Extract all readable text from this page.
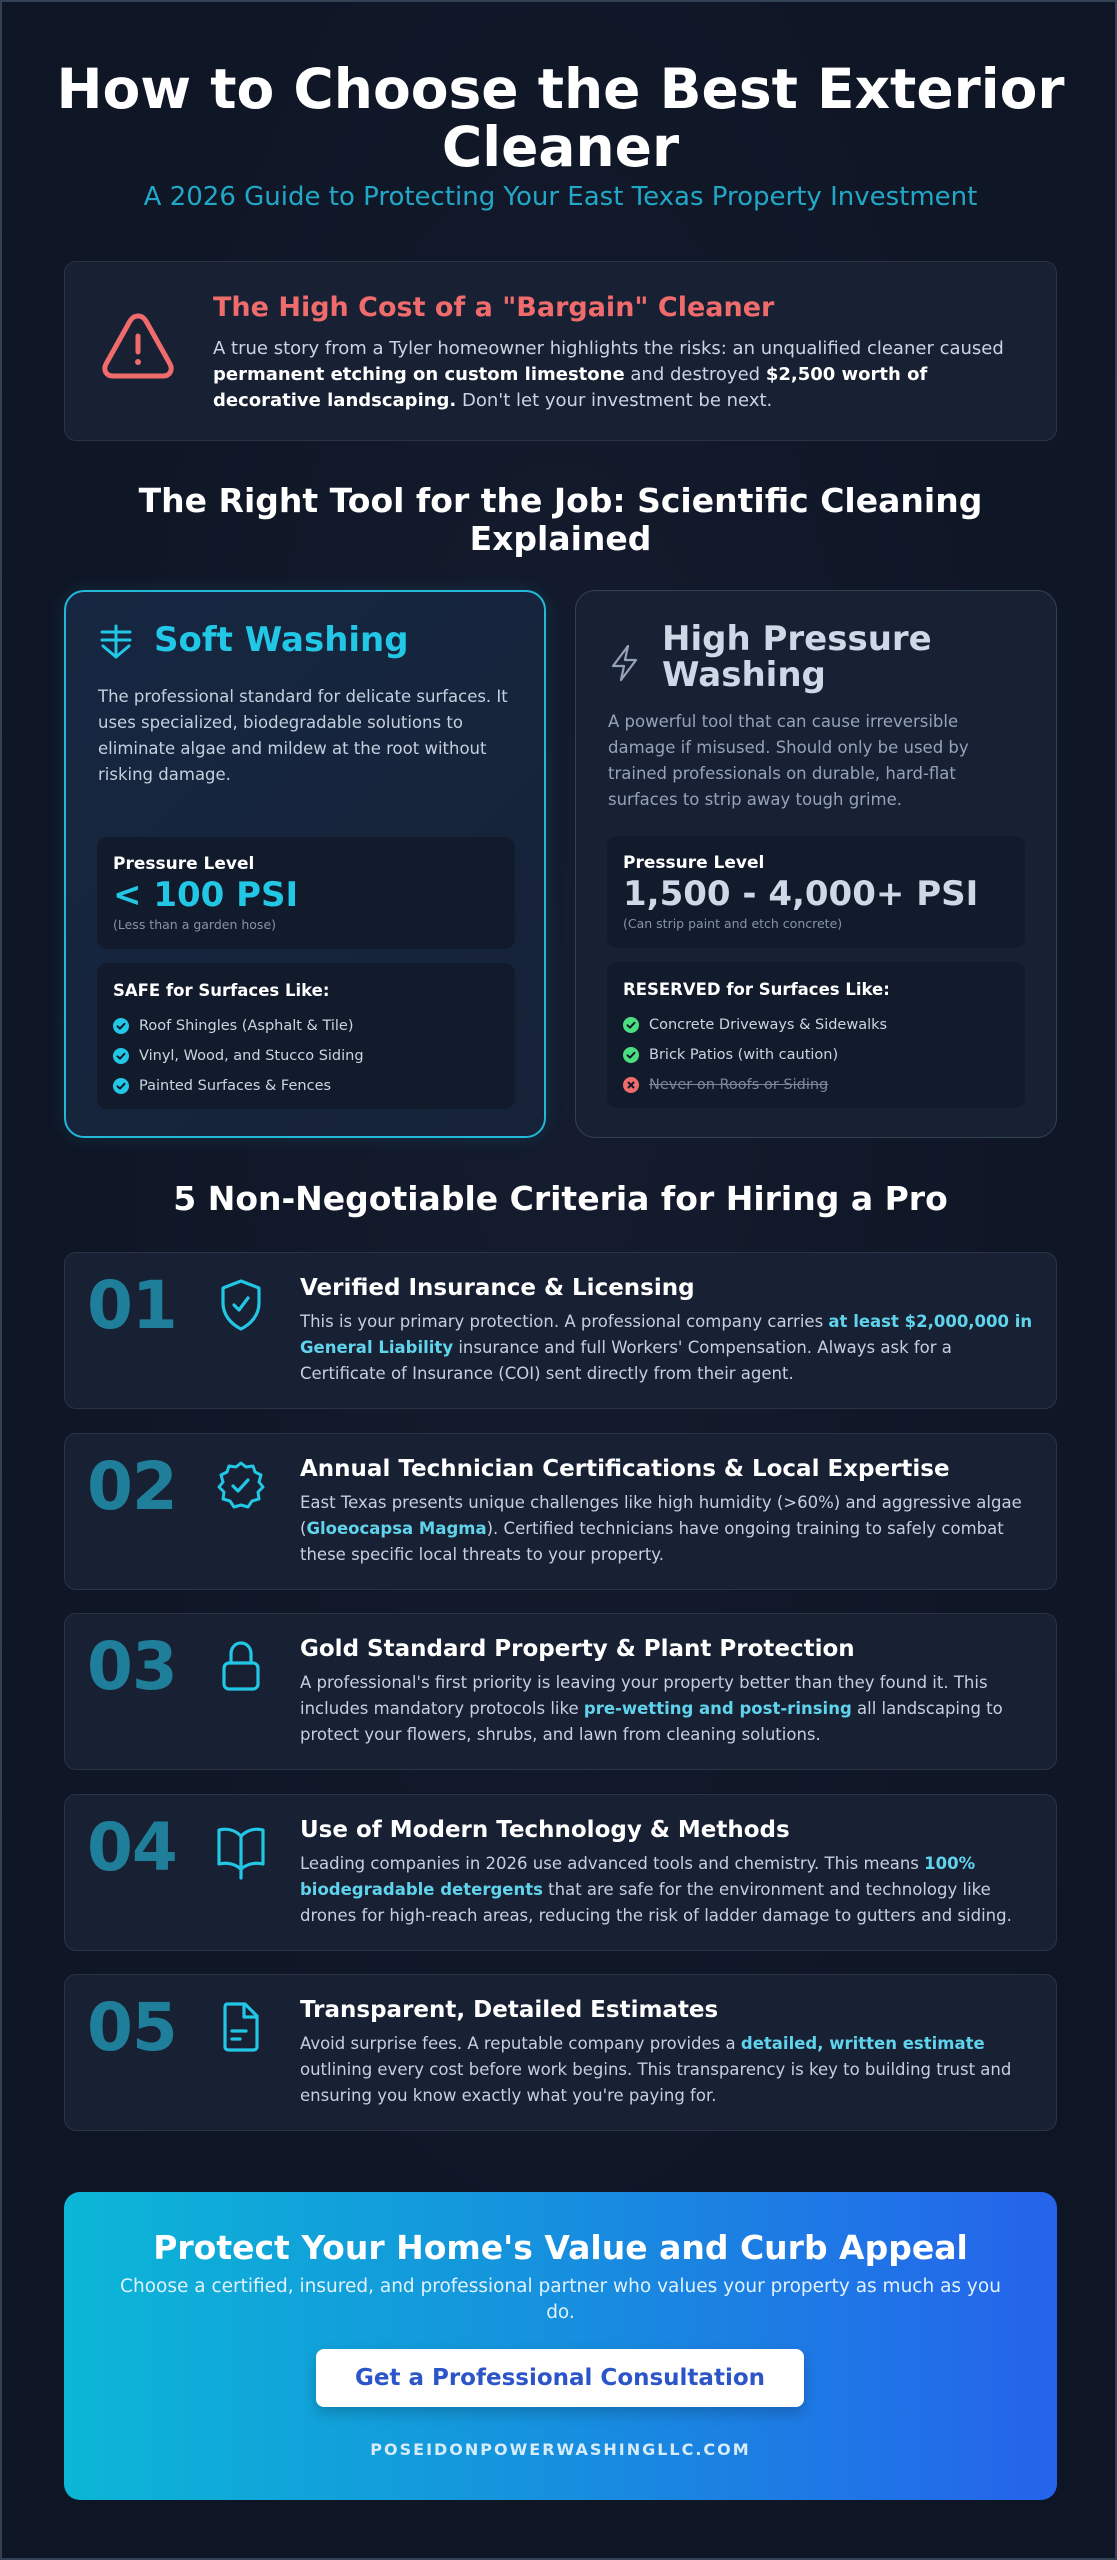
How to Choose the Best Exterior Cleaner
A 2026 Guide to Protecting Your East Texas Property Investment
The High Cost of a "Bargain" Cleaner
A true story from a Tyler homeowner highlights the risks: an unqualified cleaner caused permanent etching on custom limestone and destroyed $2,500 worth of decorative landscaping. Don't let your investment be next.
The Right Tool for the Job: Scientific Cleaning Explained
Soft Washing
The professional standard for delicate surfaces. It uses specialized, biodegradable solutions to eliminate algae and mildew at the root without risking damage.
Pressure Level
< 100 PSI
(Less than a garden hose)
SAFE for Surfaces Like:
Roof Shingles (Asphalt & Tile)
Vinyl, Wood, and Stucco Siding
Painted Surfaces & Fences
High Pressure Washing
A powerful tool that can cause irreversible damage if misused. Should only be used by trained professionals on durable, hard-flat surfaces to strip away tough grime.
Pressure Level
1,500 - 4,000+ PSI
(Can strip paint and etch concrete)
RESERVED for Surfaces Like:
Concrete Driveways & Sidewalks
Brick Patios (with caution)
Never on Roofs or Siding
5 Non-Negotiable Criteria for Hiring a Pro
01	Verified Insurance & Licensing
This is your primary protection. A professional company carries at least $2,000,000 in General Liability insurance and full Workers' Compensation. Always ask for a Certificate of Insurance (COI) sent directly from their agent.
02	Annual Technician Certifications & Local Expertise
East Texas presents unique challenges like high humidity (>60%) and aggressive algae (Gloeocapsa Magma). Certified technicians have ongoing training to safely combat these specific local threats to your property.
03	Gold Standard Property & Plant Protection
A professional's first priority is leaving your property better than they found it. This includes mandatory protocols like pre-wetting and post-rinsing all landscaping to protect your flowers, shrubs, and lawn from cleaning solutions.
04	Use of Modern Technology & Methods
Leading companies in 2026 use advanced tools and chemistry. This means 100% biodegradable detergents that are safe for the environment and technology like drones for high-reach areas, reducing the risk of ladder damage to gutters and siding.
05	Transparent, Detailed Estimates
Avoid surprise fees. A reputable company provides a detailed, written estimate outlining every cost before work begins. This transparency is key to building trust and ensuring you know exactly what you're paying for.
Protect Your Home's Value and Curb Appeal
Choose a certified, insured, and professional partner who values your property as much as you do.
Get a Professional Consultation
POSEIDONPOWERWASHINGLLC.COM
